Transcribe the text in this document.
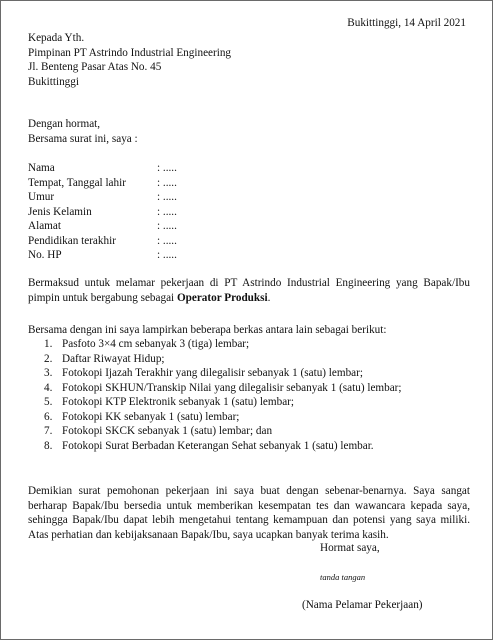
Bukittinggi, 14 April 2021
Kepada Yth.
Pimpinan PT Astrindo Industrial Engineering
Jl. Benteng Pasar Atas No. 45
Bukittinggi
Dengan hormat,
Bersama surat ini, saya :
Nama	: .....
Tempat, Tanggal lahir	: .....
Umur	: .....
Jenis Kelamin	: .....
Alamat	: .....
Pendidikan terakhir	: .....
No. HP	: .....
Bermaksud untuk melamar pekerjaan di PT Astrindo Industrial Engineering yang Bapak/Ibu pimpin untuk bergabung sebagai Operator Produksi.
Bersama dengan ini saya lampirkan beberapa berkas antara lain sebagai berikut:
1. Pasfoto 3×4 cm sebanyak 3 (tiga) lembar;
2. Daftar Riwayat Hidup;
3. Fotokopi Ijazah Terakhir yang dilegalisir sebanyak 1 (satu) lembar;
4. Fotokopi SKHUN/Transkip Nilai yang dilegalisir sebanyak 1 (satu) lembar;
5. Fotokopi KTP Elektronik sebanyak 1 (satu) lembar;
6. Fotokopi KK sebanyak 1 (satu) lembar;
7. Fotokopi SKCK sebanyak 1 (satu) lembar; dan
8. Fotokopi Surat Berbadan Keterangan Sehat sebanyak 1 (satu) lembar.
Demikian surat pemohonan pekerjaan ini saya buat dengan sebenar-benarnya. Saya sangat berharap Bapak/Ibu bersedia untuk memberikan kesempatan tes dan wawancara kepada saya, sehingga Bapak/Ibu dapat lebih mengetahui tentang kemampuan dan potensi yang saya miliki. Atas perhatian dan kebijaksanaan Bapak/Ibu, saya ucapkan banyak terima kasih.
Hormat saya,
tanda tangan
(Nama Pelamar Pekerjaan)
